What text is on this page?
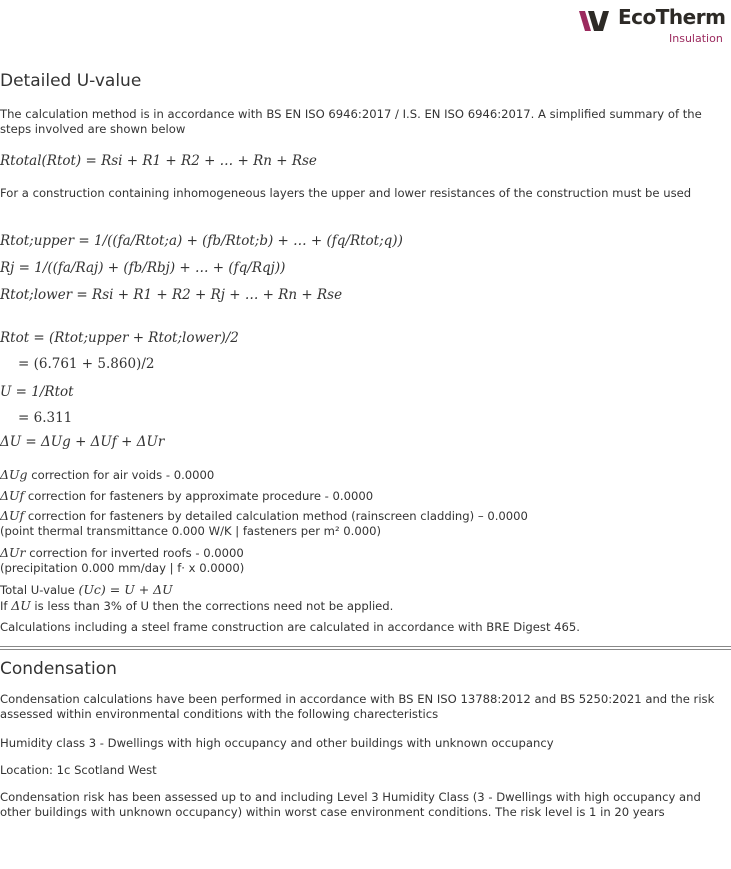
EcoTherm
Insulation
Detailed U-value

The calculation method is in accordance with BS EN ISO 6946:2017 / I.S. EN ISO 6946:2017. A simplified summary of the steps involved are shown below

Rtotal(Rtot) = Rsi + R1 + R2 + … + Rn + Rse

For a construction containing inhomogeneous layers the upper and lower resistances of the construction must be used

Rtot;upper = 1/((fa/Rtot;a) + (fb/Rtot;b) + … + (fq/Rtot;q))
Rj = 1/((fa/Raj) + (fb/Rbj) + … + (fq/Rqj))
Rtot;lower = Rsi + R1 + R2 + Rj + … + Rn + Rse
Rtot = (Rtot;upper + Rtot;lower)/2
= (6.761 + 5.860)/2
U = 1/Rtot
= 6.311
ΔU = ΔUg + ΔUf + ΔUr
ΔUg correction for air voids - 0.0000
ΔUf correction for fasteners by approximate procedure - 0.0000
ΔUf correction for fasteners by detailed calculation method (rainscreen cladding) – 0.0000
(point thermal transmittance 0.000 W/K | fasteners per m² 0.000)
ΔUr correction for inverted roofs - 0.0000
(precipitation 0.000 mm/day | f· x 0.0000)
Total U-value (Uc) = U + ΔU
If ΔU is less than 3% of U then the corrections need not be applied.
Calculations including a steel frame construction are calculated in accordance with BRE Digest 465.
Condensation

Condensation calculations have been performed in accordance with BS EN ISO 13788:2012 and BS 5250:2021 and the risk assessed within environmental conditions with the following charecteristics

Humidity class 3 - Dwellings with high occupancy and other buildings with unknown occupancy

Location: 1c Scotland West

Condensation risk has been assessed up to and including Level 3 Humidity Class (3 - Dwellings with high occupancy and other buildings with unknown occupancy) within worst case environment conditions. The risk level is 1 in 20 years
